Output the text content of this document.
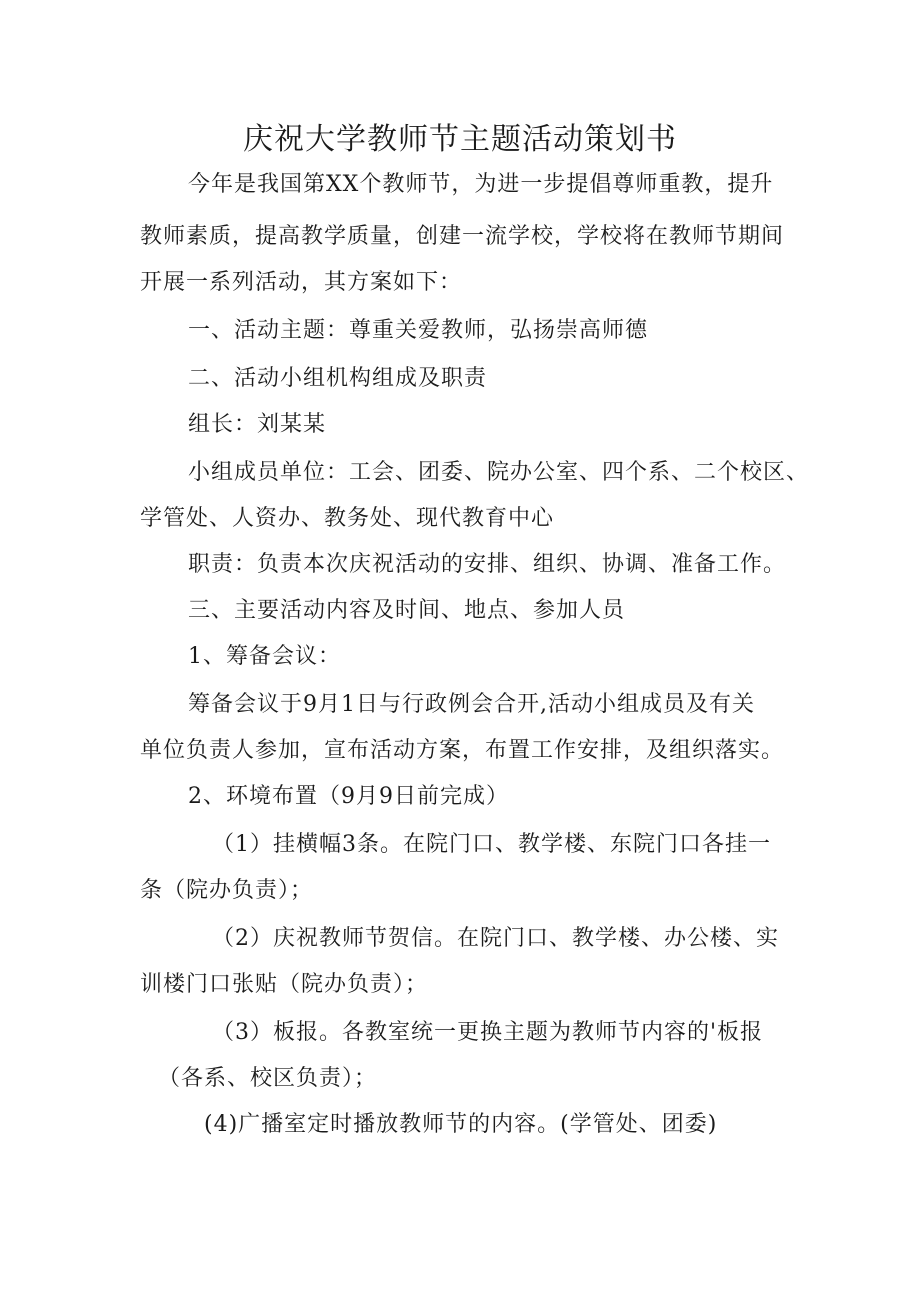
庆祝大学教师节主题活动策划书
今年是我国第XX个教师节，为进一步提倡尊师重教，提升
教师素质，提高教学质量，创建一流学校，学校将在教师节期间
开展一系列活动，其方案如下：
一、活动主题：尊重关爱教师，弘扬崇高师德
二、活动小组机构组成及职责
组长：刘某某
小组成员单位：工会、团委、院办公室、四个系、二个校区、
学管处、人资办、教务处、现代教育中心
职责：负责本次庆祝活动的安排、组织、协调、准备工作。
三、主要活动内容及时间、地点、参加人员
1、筹备会议：
筹备会议于9月1日与行政例会合开,活动小组成员及有关
单位负责人参加，宣布活动方案，布置工作安排，及组织落实。
2、环境布置（9月9日前完成）
（1）挂横幅3条。在院门口、教学楼、东院门口各挂一
条（院办负责）；
（2）庆祝教师节贺信。在院门口、教学楼、办公楼、实
训楼门口张贴（院办负责）；
（3）板报。各教室统一更换主题为教师节内容的'板报
（各系、校区负责）；
(4)广播室定时播放教师节的内容。(学管处、团委)
